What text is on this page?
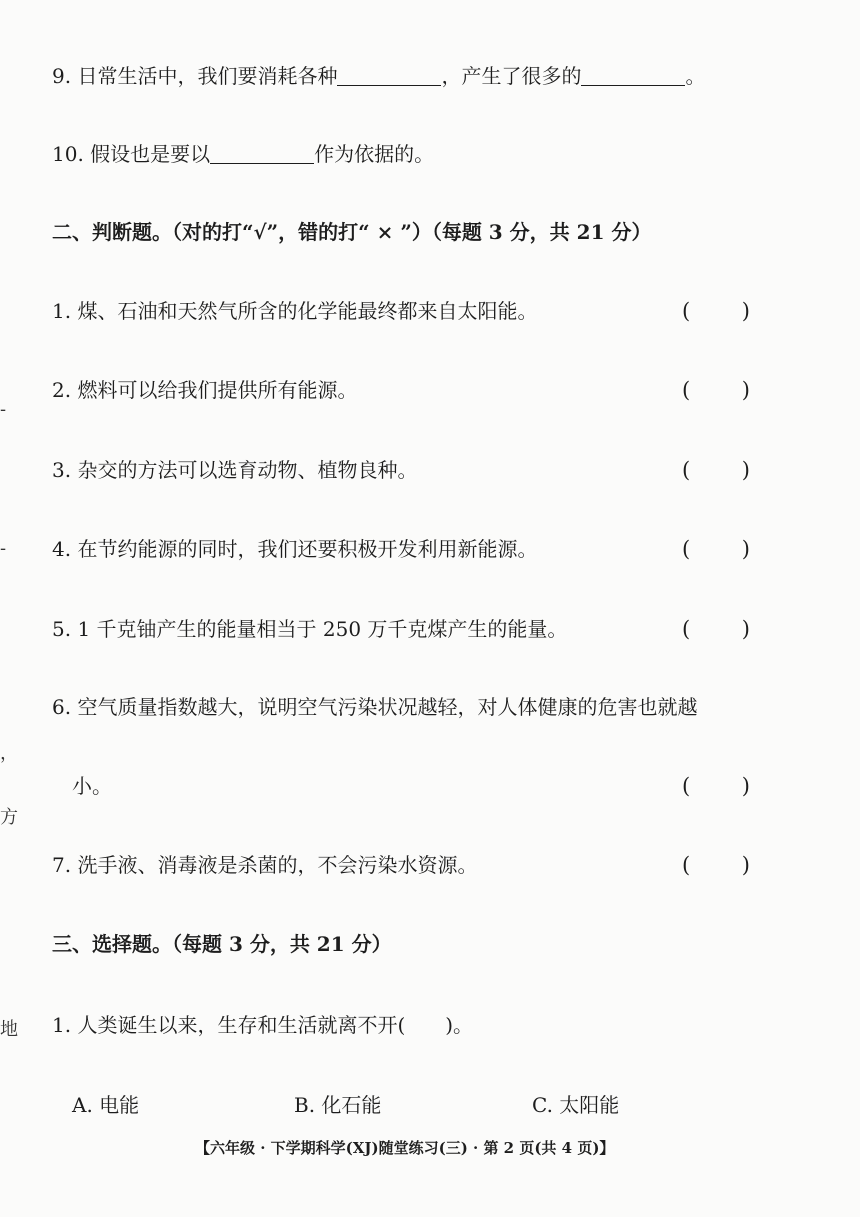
9. 日常生活中，我们要消耗各种	，产生了很多的	。
10. 假设也是要以	作为依据的。
二、判断题。（对的打“√”，错的打“ × ”）（每题 3 分，共 21 分）
1. 煤、石油和天然气所含的化学能最终都来自太阳能。	( )
2. 燃料可以给我们提供所有能源。	( )
3. 杂交的方法可以选育动物、植物良种。	( )
4. 在节约能源的同时，我们还要积极开发利用新能源。	( )
5. 1 千克铀产生的能量相当于 250 万千克煤产生的能量。	( )
6. 空气质量指数越大，说明空气污染状况越轻，对人体健康的危害也就越
小。	( )
7. 洗手液、消毒液是杀菌的，不会污染水资源。	( )
三、选择题。（每题 3 分，共 21 分）
1. 人类诞生以来，生存和生活就离不开(　　)。
A. 电能	B. 化石能	C. 太阳能
【六年级 · 下学期科学(XJ)随堂练习(三) · 第 2 页(共 4 页)】
-
-
，
方
地
